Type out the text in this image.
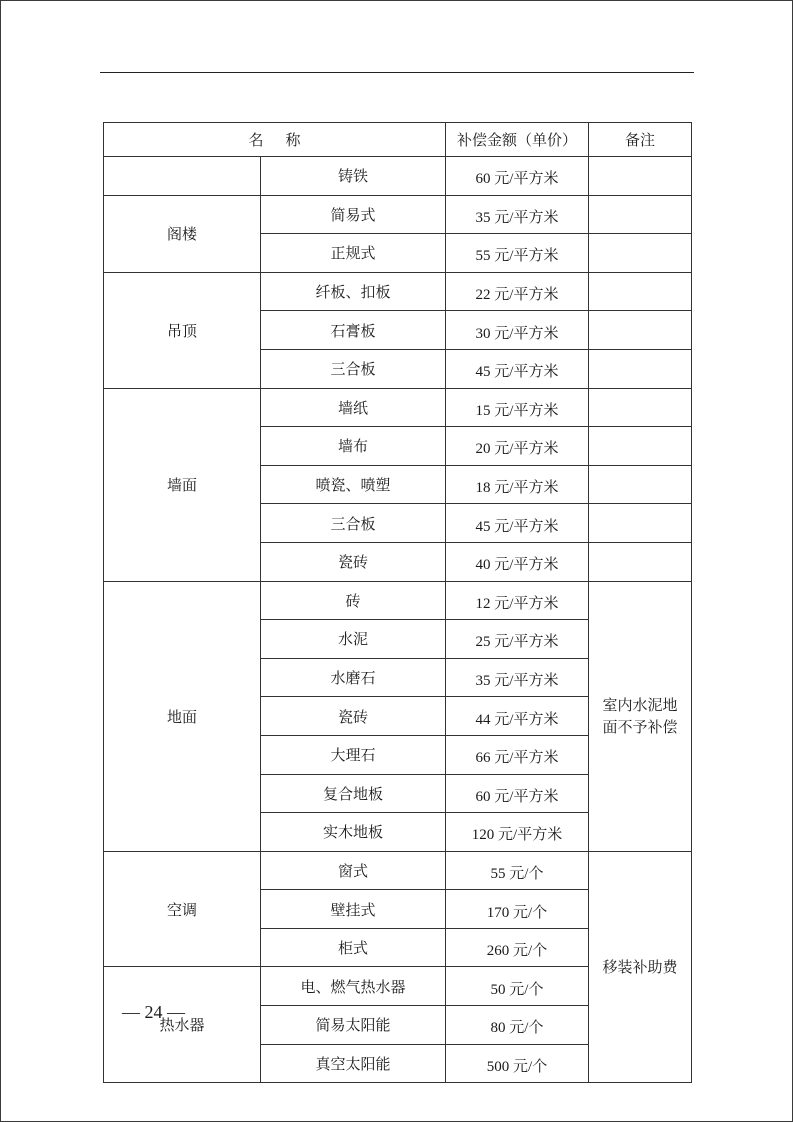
名称		补偿金额（单价）	备注
	铸铁	60 元/平方米	
阁楼	简易式	35 元/平方米	
	正规式	55 元/平方米	
吊顶	纤板、扣板	22 元/平方米	
	石膏板	30 元/平方米	
	三合板	45 元/平方米	
墙面	墙纸	15 元/平方米	
	墙布	20 元/平方米	
	喷瓷、喷塑	18 元/平方米	
	三合板	45 元/平方米	
	瓷砖	40 元/平方米	
地面	砖	12 元/平方米	室内水泥地
面不予补偿

	水泥	25 元/平方米	
	水磨石	35 元/平方米	
	瓷砖	44 元/平方米	
	大理石	66 元/平方米	
	复合地板	60 元/平方米	
	实木地板	120 元/平方米	
空调	窗式	55 元/个	移装补助费
	壁挂式	170 元/个	
	柜式	260 元/个	
热水器	电、燃气热水器	50 元/个	
	简易太阳能	80 元/个	
	真空太阳能	500 元/个	
— 24 —
